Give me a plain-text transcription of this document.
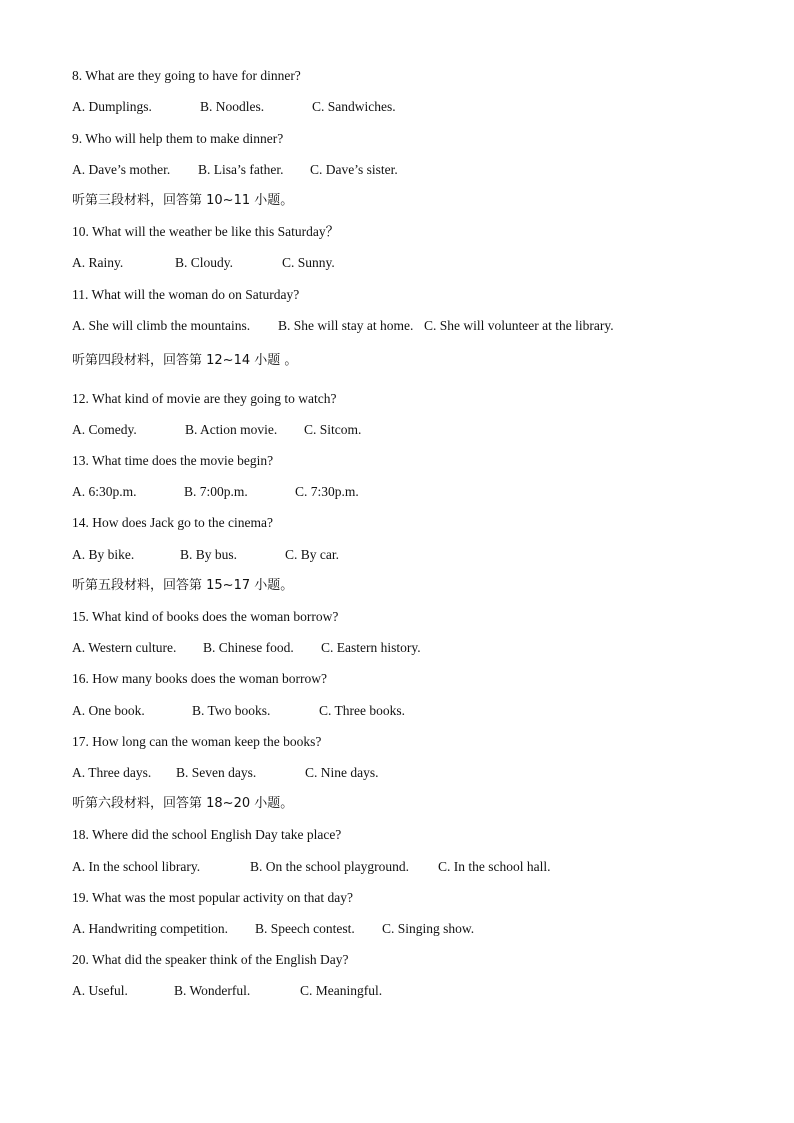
8. What are they going to have for dinner?
A. Dumplings.	B. Noodles.	C. Sandwiches.
9. Who will help them to make dinner?
A. Dave’s mother. B. Lisa’s father. C. Dave’s sister.
听第三段材料，回答第 10~11 小题。
10. What will the weather be like this Saturday？
A. Rainy.	B. Cloudy.	C. Sunny.
11. What will the woman do on Saturday?
A. She will climb the mountains. B. She will stay at home. C. She will volunteer at the library.
听第四段材料，回答第 12~14 小题 。
12. What kind of movie are they going to watch?
A. Comedy.	B. Action movie. C. Sitcom.
13. What time does the movie begin?
A. 6:30p.m.	B. 7:00p.m.	C. 7:30p.m.
14. How does Jack go to the cinema?
A. By bike.	B. By bus.	C. By car.
听第五段材料，回答第 15~17 小题。
15. What kind of books does the woman borrow?
A. Western culture. B. Chinese food. C. Eastern history.
16. How many books does the woman borrow?
A. One book.	B. Two books.	C. Three books.
17. How long can the woman keep the books?
A. Three days. B. Seven days.	C. Nine days.
听第六段材料，回答第 18~20 小题。
18. Where did the school English Day take place?
A. In the school library.	B. On the school playground. C. In the school hall.
19. What was the most popular activity on that day?
A. Handwriting competition. B. Speech contest. C. Singing show.
20. What did the speaker think of the English Day?
A. Useful.	B. Wonderful.	C. Meaningful.
